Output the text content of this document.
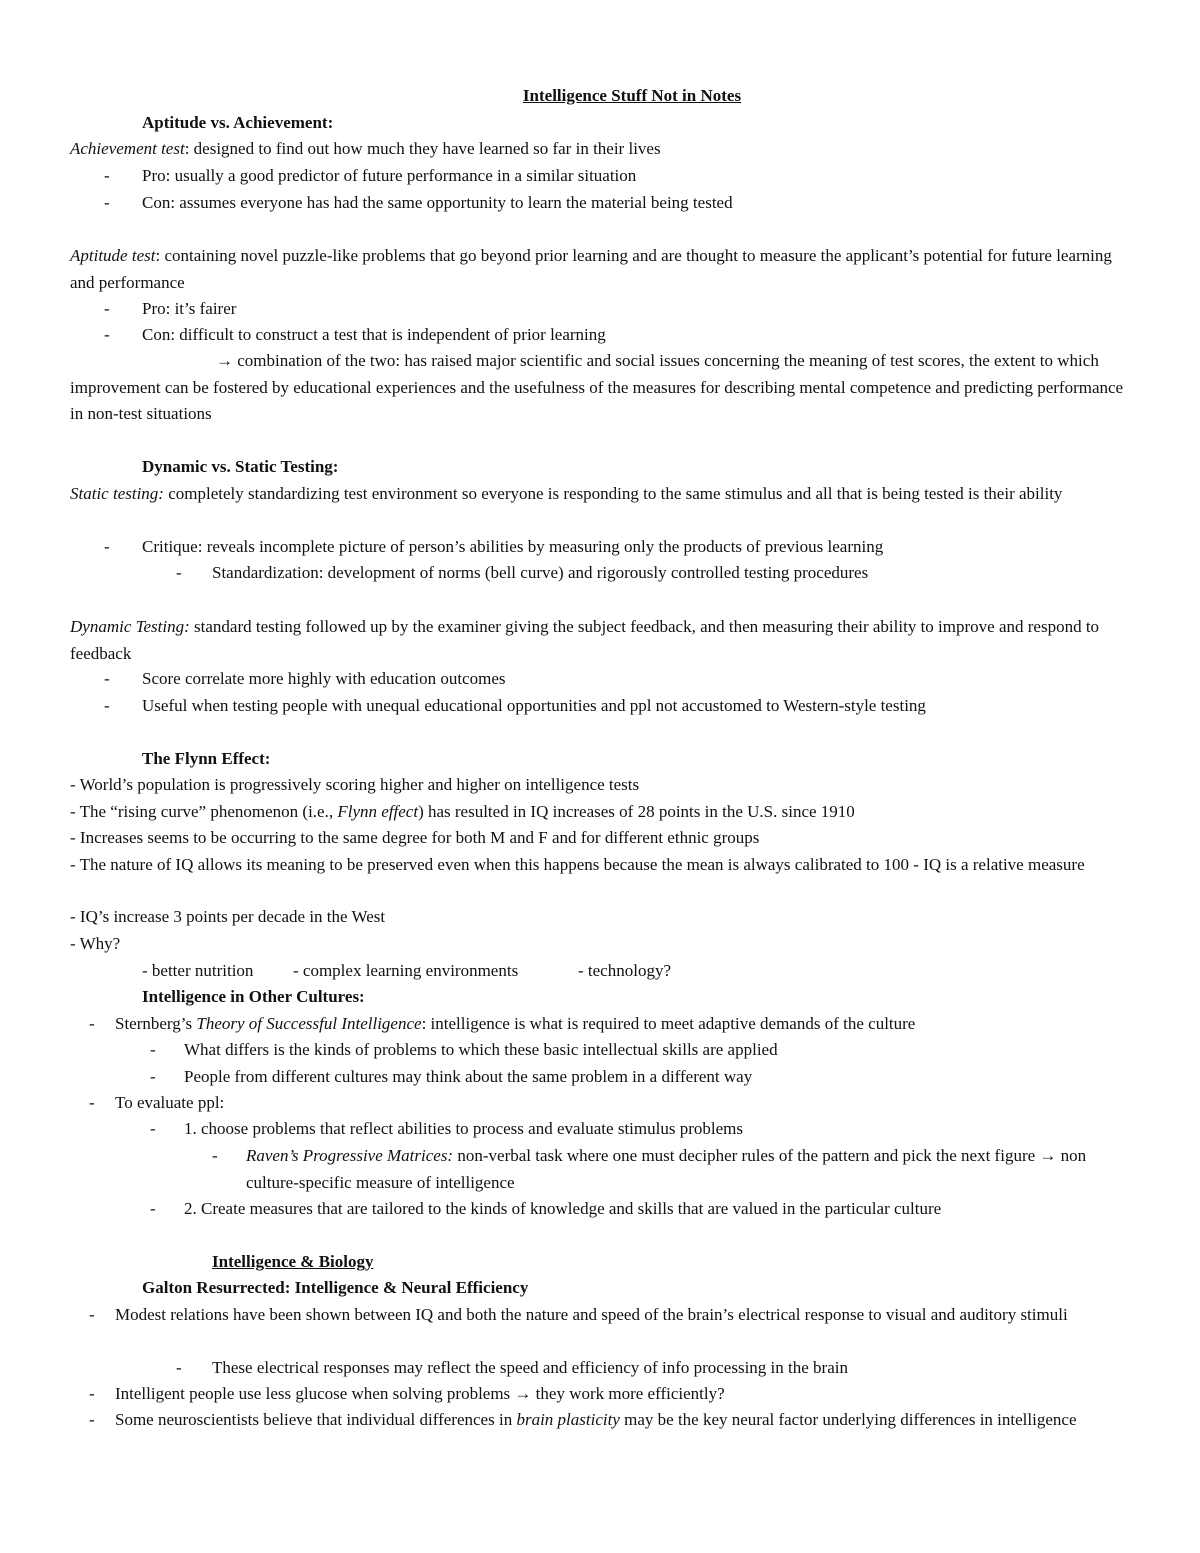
Intelligence Stuff Not in Notes
Aptitude vs. Achievement:
Achievement test: designed to find out how much they have learned so far in their lives
- Pro: usually a good predictor of future performance in a similar situation
- Con: assumes everyone has had the same opportunity to learn the material being tested
Aptitude test: containing novel puzzle-like problems that go beyond prior learning and are thought to measure the applicant’s potential for future learning and performance
- Pro: it’s fairer
- Con: difficult to construct a test that is independent of prior learning
→ combination of the two: has raised major scientific and social issues concerning the meaning of test scores, the extent to which improvement can be fostered by educational experiences and the usefulness of the measures for describing mental competence and predicting performance in non-test situations
Dynamic vs. Static Testing:
Static testing: completely standardizing test environment so everyone is responding to the same stimulus and all that is being tested is their ability
- Critique: reveals incomplete picture of person’s abilities by measuring only the products of previous learning
- Standardization: development of norms (bell curve) and rigorously controlled testing procedures
Dynamic Testing: standard testing followed up by the examiner giving the subject feedback, and then measuring their ability to improve and respond to feedback
- Score correlate more highly with education outcomes
- Useful when testing people with unequal educational opportunities and ppl not accustomed to Western-style testing
The Flynn Effect:
- World’s population is progressively scoring higher and higher on intelligence tests
- The “rising curve” phenomenon (i.e., Flynn effect) has resulted in IQ increases of 28 points in the U.S. since 1910
- Increases seems to be occurring to the same degree for both M and F and for different ethnic groups
- The nature of IQ allows its meaning to be preserved even when this happens because the mean is always calibrated to 100 - IQ is a relative measure
- IQ’s increase 3 points per decade in the West
- Why?
- better nutrition	- complex learning environments	- technology?
Intelligence in Other Cultures:
- Sternberg’s Theory of Successful Intelligence: intelligence is what is required to meet adaptive demands of the culture
- What differs is the kinds of problems to which these basic intellectual skills are applied
- People from different cultures may think about the same problem in a different way
- To evaluate ppl:
- 1. choose problems that reflect abilities to process and evaluate stimulus problems
- Raven’s Progressive Matrices: non-verbal task where one must decipher rules of the pattern and pick the next figure → non culture-specific measure of intelligence
- 2. Create measures that are tailored to the kinds of knowledge and skills that are valued in the particular culture
Intelligence & Biology
Galton Resurrected: Intelligence & Neural Efficiency
- Modest relations have been shown between IQ and both the nature and speed of the brain’s electrical response to visual and auditory stimuli
- These electrical responses may reflect the speed and efficiency of info processing in the brain
- Intelligent people use less glucose when solving problems → they work more efficiently?
- Some neuroscientists believe that individual differences in brain plasticity may be the key neural factor underlying differences in intelligence
